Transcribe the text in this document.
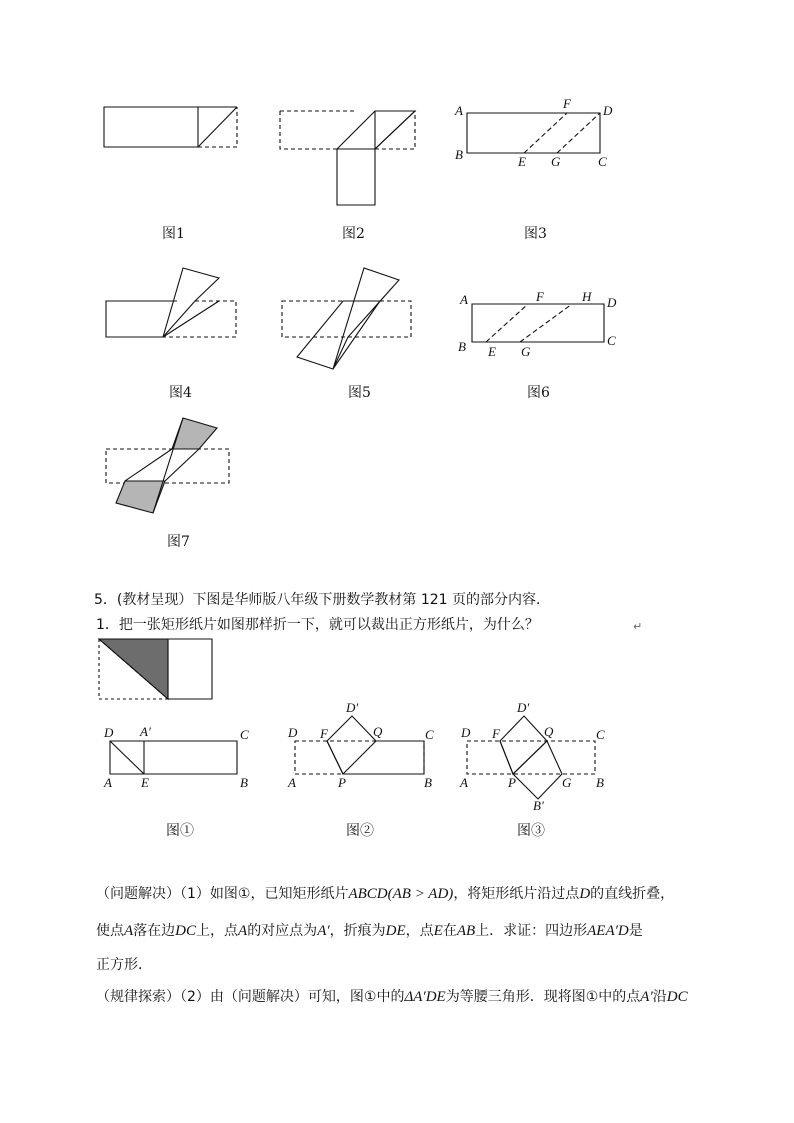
A
B
F D
E G	C
A
B
F	H D
E G
C
图1	图2	图3
图4	图5	图6
图7
5．(教材呈现）下图是华师版八年级下册数学教材第 121 页的部分内容．
1．把一张矩形纸片如图那样折一下，就可以裁出正方形纸片，为什么？	↵
D A′	C
A E	B
D′
D F	Q	C
A	P	B
D′
D F	Q	C
A	P	G B
B′
图①	图②	图③
（问题解决）（1）如图①，已知矩形纸片ABCD(AB > AD)，将矩形纸片沿过点D的直线折叠，
使点A落在边DC上，点A的对应点为A′，折痕为DE，点E在AB上．求证：四边形AEA′D是
正方形．
（规律探索）（2）由（问题解决）可知，图①中的ΔA′DE为等腰三角形．现将图①中的点A′沿DC
